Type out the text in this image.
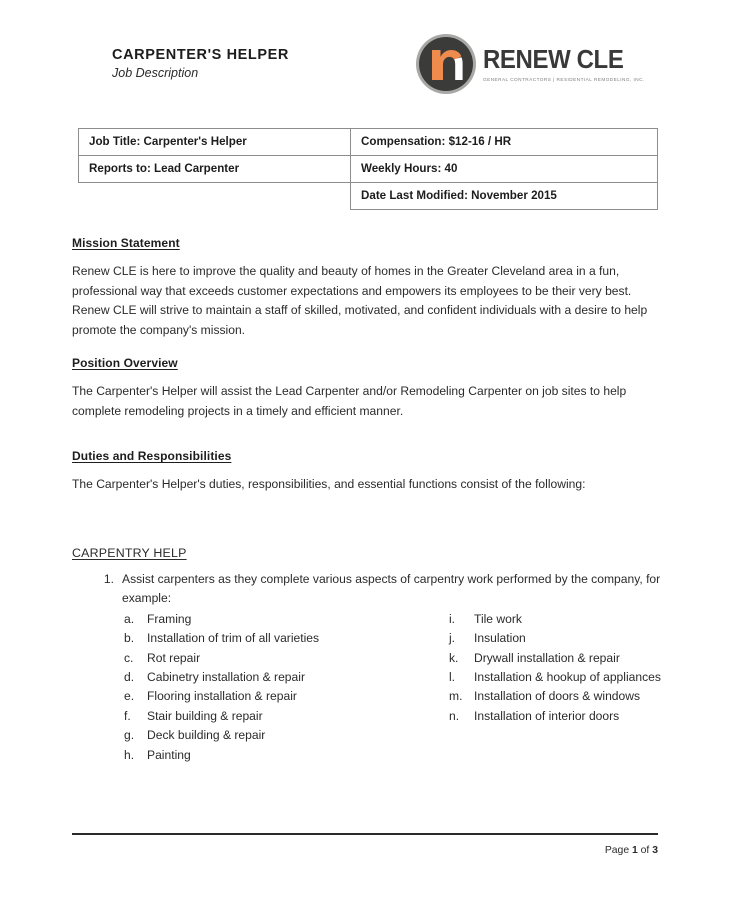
CARPENTER'S HELPER
Job Description	RENEW CLE
GENERAL CONTRACTORS | RESIDENTIAL REMODELING, INC.
Job Title: Carpenter's Helper	Compensation: $12-16 / HR
Reports to: Lead Carpenter	Weekly Hours: 40
	Date Last Modified: November 2015
Mission Statement
Renew CLE is here to improve the quality and beauty of homes in the Greater Cleveland area in a fun, professional way that exceeds customer expectations and empowers its employees to be their very best. Renew CLE will strive to maintain a staff of skilled, motivated, and confident individuals with a desire to help promote the company's mission.
Position Overview
The Carpenter's Helper will assist the Lead Carpenter and/or Remodeling Carpenter on job sites to help complete remodeling projects in a timely and efficient manner.
Duties and Responsibilities
The Carpenter's Helper's duties, responsibilities, and essential functions consist of the following:
CARPENTRY HELP
1. Assist carpenters as they complete various aspects of carpentry work performed by the company, for example:
a.	Framing
b.	Installation of trim of all varieties
c.	Rot repair
d.	Cabinetry installation & repair
e.	Flooring installation & repair
f.	Stair building & repair
g.	Deck building & repair
h.	Painting
i.	Tile work
j.	Insulation
k.	Drywall installation & repair
l.	Installation & hookup of appliances
m. Installation of doors & windows
n.	Installation of interior doors
Page 1 of 3
